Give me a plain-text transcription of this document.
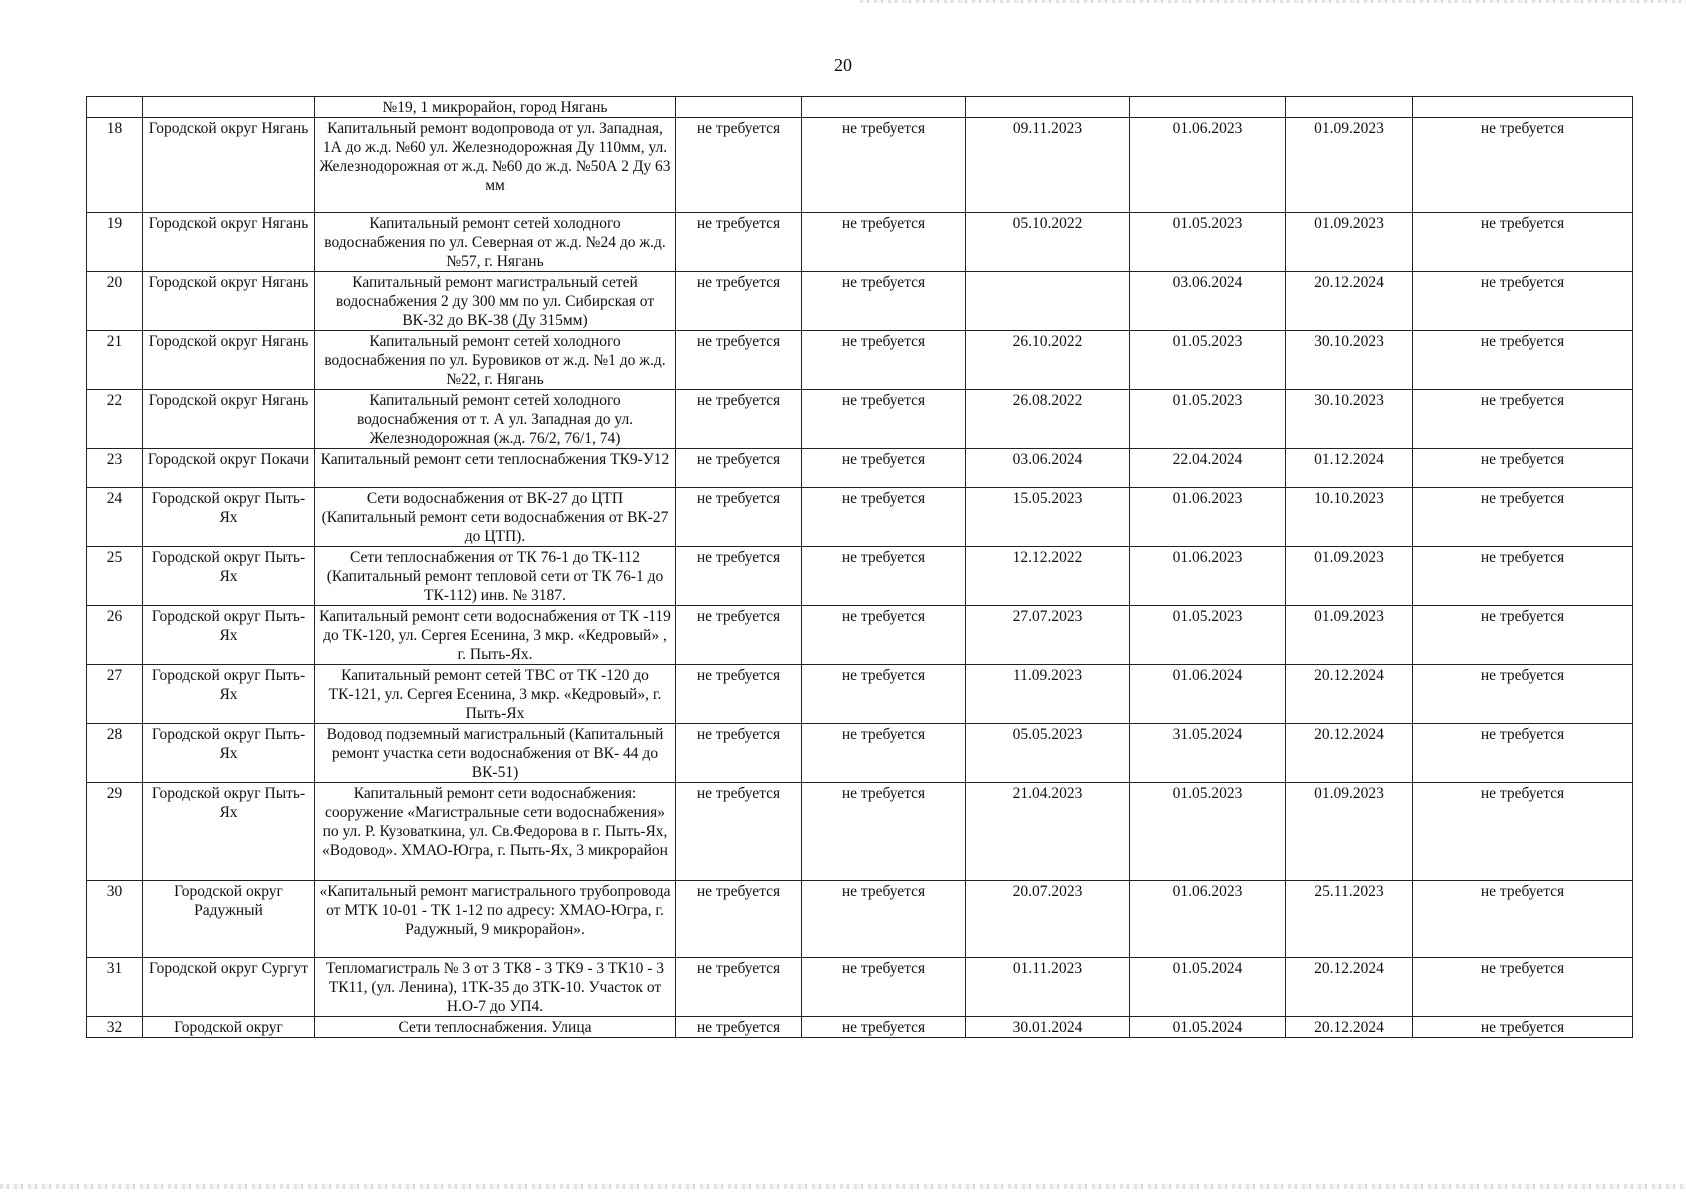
20
		№19, 1 микрорайон, город Нягань						
18	Городской округ Нягань	Капитальный ремонт водопровода от ул. Западная, 1А до ж.д. №60 ул. Железнодорожная Ду 110мм, ул. Железнодорожная от ж.д. №60 до ж.д. №50А 2 Ду 63 мм	не требуется	не требуется	09.11.2023	01.06.2023	01.09.2023	не требуется
19	Городской округ Нягань	Капитальный ремонт сетей холодного водоснабжения по ул. Северная от ж.д. №24 до ж.д. №57, г. Нягань	не требуется	не требуется	05.10.2022	01.05.2023	01.09.2023	не требуется
20	Городской округ Нягань	Капитальный ремонт магистральный сетей водоснабжения 2 ду 300 мм по ул. Сибирская от ВК-32 до ВК-38 (Ду 315мм)	не требуется	не требуется		03.06.2024	20.12.2024	не требуется
21	Городской округ Нягань	Капитальный ремонт сетей холодного водоснабжения по ул. Буровиков от ж.д. №1 до ж.д. №22, г. Нягань	не требуется	не требуется	26.10.2022	01.05.2023	30.10.2023	не требуется
22	Городской округ Нягань	Капитальный ремонт сетей холодного водоснабжения от т. А ул. Западная до ул. Железнодорожная (ж.д. 76/2, 76/1, 74)	не требуется	не требуется	26.08.2022	01.05.2023	30.10.2023	не требуется
23	Городской округ Покачи	Капитальный ремонт сети теплоснабжения ТК9-У12	не требуется	не требуется	03.06.2024	22.04.2024	01.12.2024	не требуется
24	Городской округ Пыть-Ях	Сети водоснабжения от ВК-27 до ЦТП (Капитальный ремонт сети водоснабжения от ВК-27 до ЦТП).	не требуется	не требуется	15.05.2023	01.06.2023	10.10.2023	не требуется
25	Городской округ Пыть-Ях	Сети теплоснабжения от ТК 76-1 до ТК-112 (Капитальный ремонт тепловой сети от ТК 76-1 до ТК-112) инв. № 3187.	не требуется	не требуется	12.12.2022	01.06.2023	01.09.2023	не требуется
26	Городской округ Пыть-Ях	Капитальный ремонт сети водоснабжения от ТК -119 до ТК-120, ул. Сергея Есенина, 3 мкр. «Кедровый» , г. Пыть-Ях.	не требуется	не требуется	27.07.2023	01.05.2023	01.09.2023	не требуется
27	Городской округ Пыть-Ях	Капитальный ремонт сетей ТВС от ТК -120 до ТК-121, ул. Сергея Есенина, 3 мкр. «Кедровый», г. Пыть-Ях	не требуется	не требуется	11.09.2023	01.06.2024	20.12.2024	не требуется
28	Городской округ Пыть-Ях	Водовод подземный магистральный (Капитальный ремонт участка сети водоснабжения от ВК- 44 до ВК-51)	не требуется	не требуется	05.05.2023	31.05.2024	20.12.2024	не требуется
29	Городской округ Пыть-Ях	Капитальный ремонт сети водоснабжения: сооружение «Магистральные сети водоснабжения» по ул. Р. Кузоваткина, ул. Св.Федорова в г. Пыть-Ях, «Водовод». ХМАО-Югра, г. Пыть-Ях, 3 микрорайон	не требуется	не требуется	21.04.2023	01.05.2023	01.09.2023	не требуется
30	Городской округ Радужный	«Капитальный ремонт магистрального трубопровода от МТК 10-01 - ТК 1-12 по адресу: ХМАО-Югра, г. Радужный, 9 микрорайон».	не требуется	не требуется	20.07.2023	01.06.2023	25.11.2023	не требуется
31	Городской округ Сургут	Тепломагистраль № 3 от 3 ТК8 - 3 ТК9 - 3 ТК10 - 3 ТК11, (ул. Ленина), 1ТК-35 до 3ТК-10. Участок от Н.О-7 до УП4.	не требуется	не требуется	01.11.2023	01.05.2024	20.12.2024	не требуется
32	Городской округ	Сети теплоснабжения. Улица	не требуется	не требуется	30.01.2024	01.05.2024	20.12.2024	не требуется
